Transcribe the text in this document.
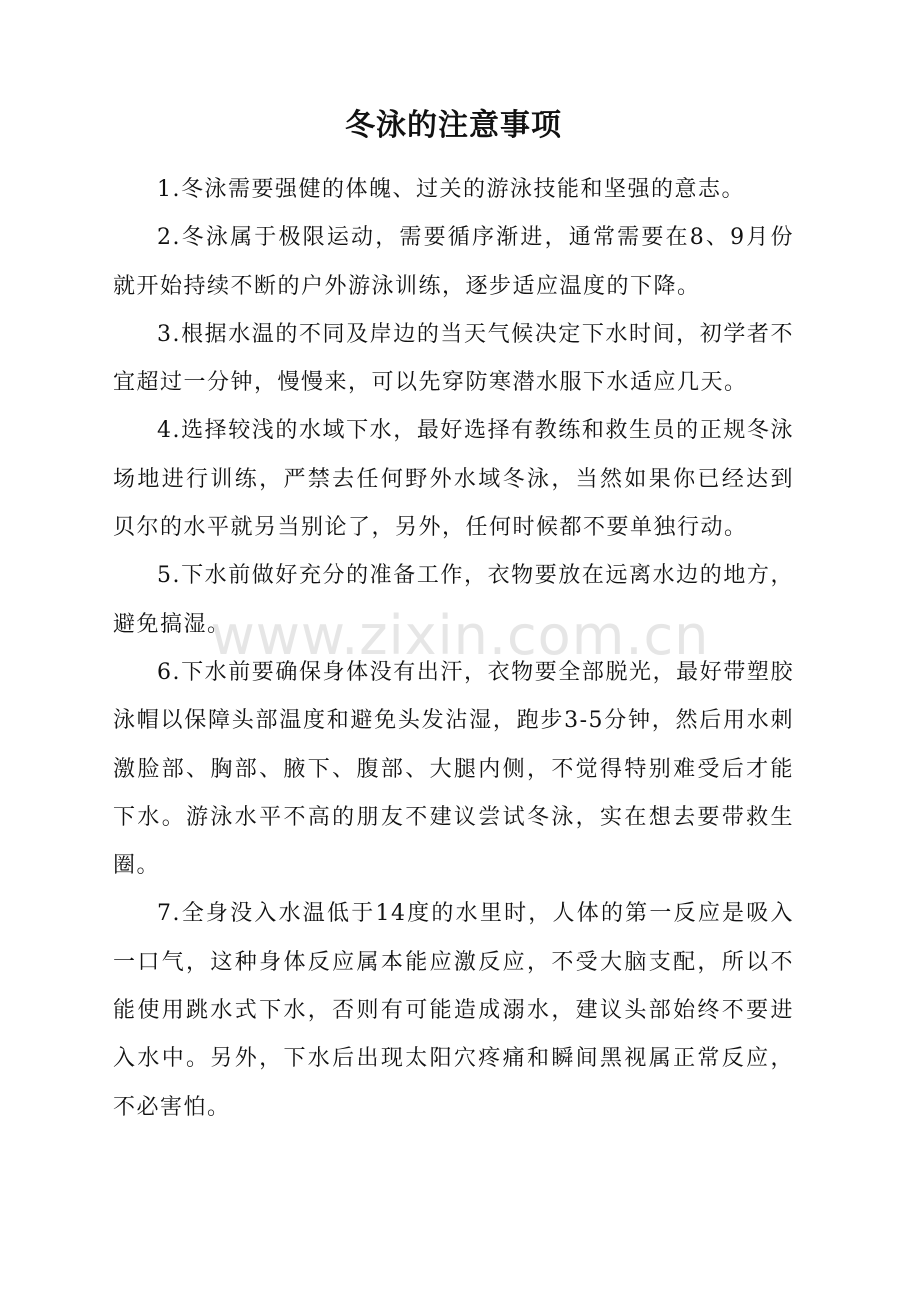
冬泳的注意事项

1.冬泳需要强健的体魄、过关的游泳技能和坚强的意志。

2.冬泳属于极限运动，需要循序渐进，通常需要在8、9月份就开始持续不断的户外游泳训练，逐步适应温度的下降。

3.根据水温的不同及岸边的当天气候决定下水时间，初学者不宜超过一分钟，慢慢来，可以先穿防寒潜水服下水适应几天。

4.选择较浅的水域下水，最好选择有教练和救生员的正规冬泳场地进行训练，严禁去任何野外水域冬泳，当然如果你已经达到贝尔的水平就另当别论了，另外，任何时候都不要单独行动。

5.下水前做好充分的准备工作，衣物要放在远离水边的地方，避免搞湿。

6.下水前要确保身体没有出汗，衣物要全部脱光，最好带塑胶泳帽以保障头部温度和避免头发沾湿，跑步3-5分钟，然后用水刺激脸部、胸部、腋下、腹部、大腿内侧，不觉得特别难受后才能下水。游泳水平不高的朋友不建议尝试冬泳，实在想去要带救生圈。

7.全身没入水温低于14度的水里时，人体的第一反应是吸入一口气，这种身体反应属本能应激反应，不受大脑支配，所以不能使用跳水式下水，否则有可能造成溺水，建议头部始终不要进入水中。另外，下水后出现太阳穴疼痛和瞬间黑视属正常反应，不必害怕。

www.zixin.com.cn
